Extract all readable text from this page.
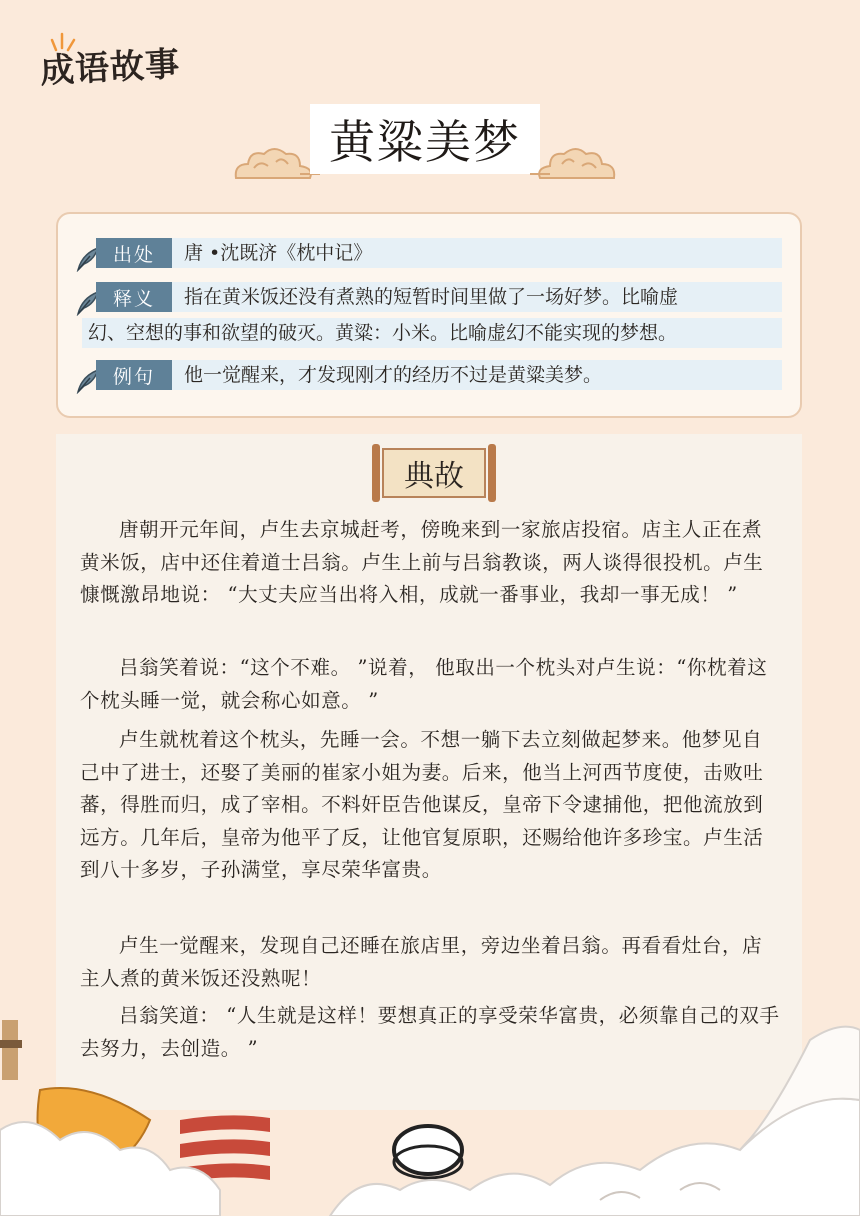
成语故事
黄粱美梦
出处	唐 •沈既济《枕中记》
释义	指在黄米饭还没有煮熟的短暂时间里做了一场好梦。比喻虚
幻、空想的事和欲望的破灭。黄粱：小米。比喻虚幻不能实现的梦想。
例句	他一觉醒来，才发现刚才的经历不过是黄粱美梦。
典故

唐朝开元年间，卢生去京城赶考，傍晚来到一家旅店投宿。店主人正在煮黄米饭，店中还住着道士吕翁。卢生上前与吕翁教谈，两人谈得很投机。卢生慷慨激昂地说： “大丈夫应当出将入相，成就一番事业，我却一事无成！ ”

吕翁笑着说：“这个不难。 ”说着， 他取出一个枕头对卢生说：“你枕着这个枕头睡一觉，就会称心如意。 ”

卢生就枕着这个枕头，先睡一会。不想一躺下去立刻做起梦来。他梦见自己中了进士，还娶了美丽的崔家小姐为妻。后来，他当上河西节度使，击败吐蕃，得胜而归，成了宰相。不料奸臣告他谋反，皇帝下令逮捕他，把他流放到远方。几年后，皇帝为他平了反，让他官复原职，还赐给他许多珍宝。卢生活到八十多岁，子孙满堂，享尽荣华富贵。

卢生一觉醒来，发现自己还睡在旅店里，旁边坐着吕翁。再看看灶台，店主人煮的黄米饭还没熟呢！

吕翁笑道： “人生就是这样！要想真正的享受荣华富贵，必须靠自己的双手去努力，去创造。 ”
